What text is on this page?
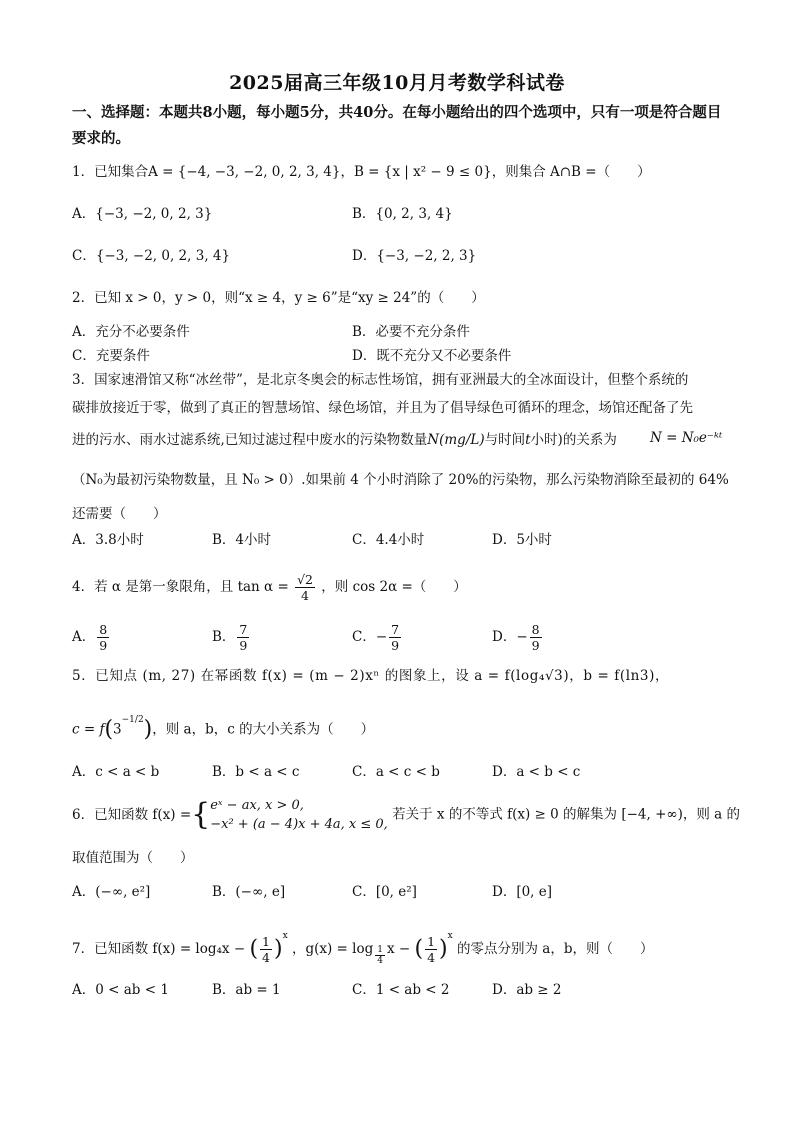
2025届高三年级10月月考数学科试卷
一、选择题：本题共8小题，每小题5分，共40分。在每小题给出的四个选项中，只有一项是符合题目要求的。
1．已知集合A = {−4, −3, −2, 0, 2, 3, 4}，B = {x | x² − 9 ≤ 0}，则集合 A∩B =（　　）
A．{−3, −2, 0, 2, 3}	B．{0, 2, 3, 4}
C．{−3, −2, 0, 2, 3, 4}	D．{−3, −2, 2, 3}
2．已知 x > 0，y > 0，则“x ≥ 4，y ≥ 6”是“xy ≥ 24”的（　　）
A．充分不必要条件	B．必要不充分条件
C．充要条件	D．既不充分又不必要条件
3．国家速滑馆又称“冰丝带”，是北京冬奥会的标志性场馆，拥有亚洲最大的全冰面设计，但整个系统的
碳排放接近于零，做到了真正的智慧场馆、绿色场馆，并且为了倡导绿色可循环的理念，场馆还配备了先
进的污水、雨水过滤系统,已知过滤过程中废水的污染物数量N(mg/L)与时间t小时)的关系为 N = N₀e⁻ᵏᵗ
（N₀为最初污染物数量，且 N₀ > 0）.如果前 4 个小时消除了 20%的污染物，那么污染物消除至最初的 64%
还需要（　　）
A．3.8小时	B．4小时	C．4.4小时	D．5小时
4．若 α 是第一象限角，且 $\tan \alpha = \frac{√2}{4}$ ，则 cos 2α =（　　）
A． $\frac{8}{9}$	B． $\frac{7}{9}$	C．− $\frac{7}{9}$	D．− $\frac{8}{9}$
5．已知点 (m, 27) 在幂函数 f(x) = (m − 2)xⁿ 的图象上，设 a = f(log₄√3)，b = f(ln3)，
$c = f(3^{-1/2})$，则 a，b，c 的大小关系为（　　）
A．c < a < b	B．b < a < c	C．a < c < b	D．a < b < c
6．已知函数 f(x) = { eˣ − ax, x > 0,
−x² + (a − 4)x + 4a, x ≤ 0,
若关于 x 的不等式 f(x) ≥ 0 的解集为 [−4, +∞)，则 a 的
取值范围为（　　）
A．(−∞, e²]	B．(−∞, e]	C．[0, e²]	D．[0, e]
7．已知函数 f(x) = log₄x − ( $\frac{1}{4} )^x$ ，$g(x) = \log \frac{1}{4}$ x − ( $\frac{1}{4} )^x$ 的零点分别为 a，b，则（　　）
A．0 < ab < 1	B．ab = 1	C．1 < ab < 2	D．ab ≥ 2
